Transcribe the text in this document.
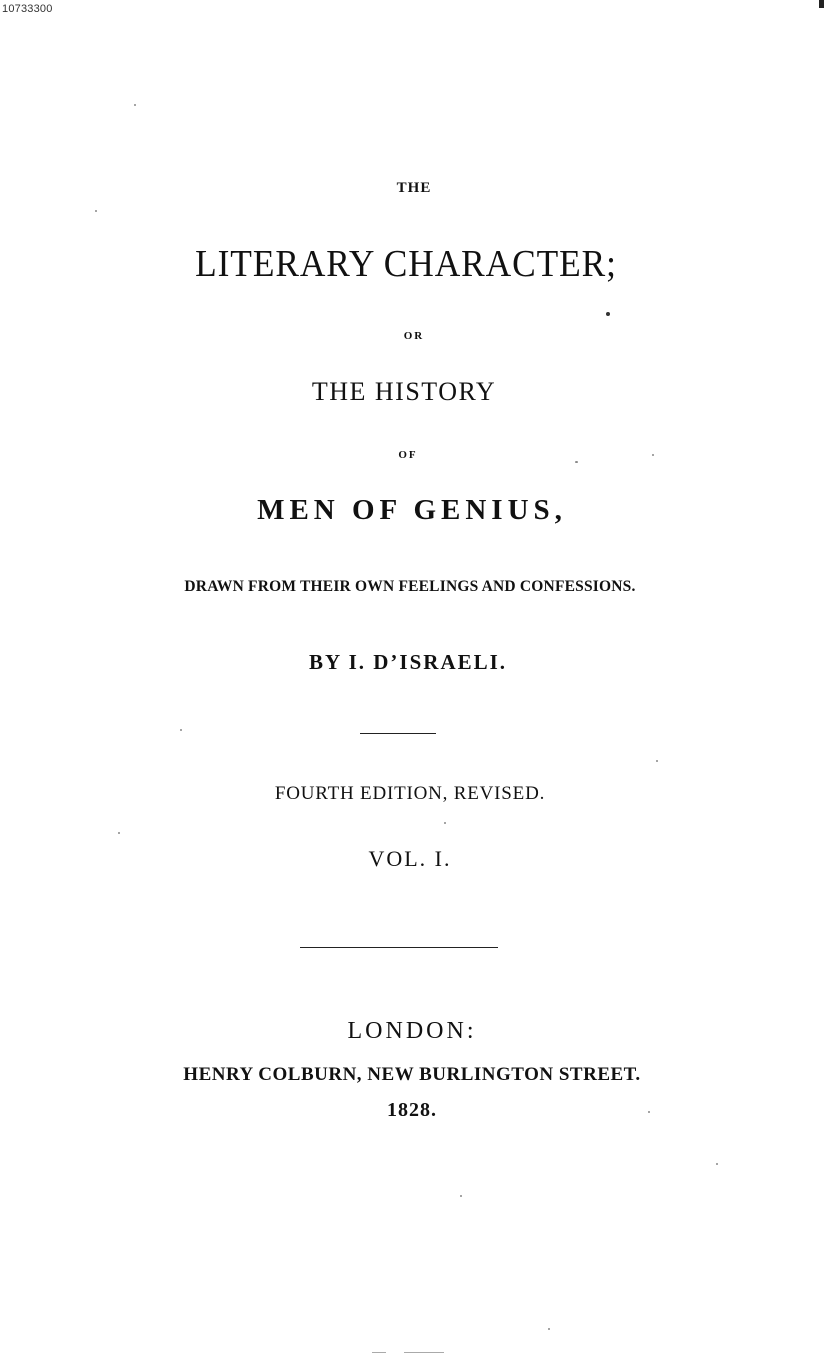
10733300
THE
LITERARY CHARACTER;
OR
THE HISTORY
OF
MEN OF GENIUS,
DRAWN FROM THEIR OWN FEELINGS AND CONFESSIONS.
BY I. D’ISRAELI.
FOURTH EDITION, REVISED.
VOL. I.
LONDON:
HENRY COLBURN, NEW BURLINGTON STREET.
1828.
